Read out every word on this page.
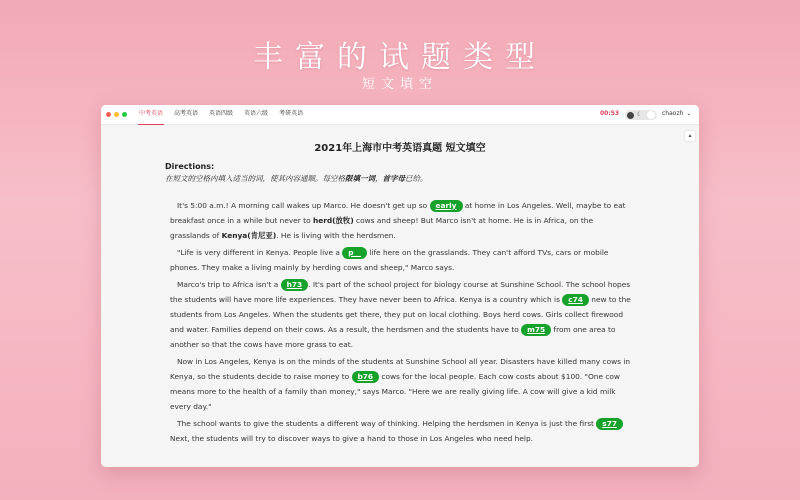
丰富的试题类型
短文填空
中考英语 高考英语 英语四级 英语六级 考研英语	00:53	☾	chaozh ⌄
▴
2021年上海市中考英语真题 短文填空
Directions:
在短文的空格内填入适当的词，使其内容通顺。每空格限填一词，首字母已给。

It's 5:00 a.m.! A morning call wakes up Marco. He doesn't get up so early at home in Los Angeles. Well, maybe to eat breakfast once in a while but never to herd(放牧) cows and sheep! But Marco isn't at home. He is in Africa, on the grasslands of Kenya(肯尼亚). He is living with the herdsmen.

"Life is very different in Kenya. People live a p__ life here on the grasslands. They can't afford TVs, cars or mobile phones. They make a living mainly by herding cows and sheep," Marco says.

Marco's trip to Africa isn't a h73 . It's part of the school project for biology course at Sunshine School. The school hopes the students will have more life experiences. They have never been to Africa. Kenya is a country which is c74 new to the students from Los Angeles. When the students get there, they put on local clothing. Boys herd cows. Girls collect firewood and water. Families depend on their cows. As a result, the herdsmen and the students have to m75 from one area to another so that the cows have more grass to eat.

Now in Los Angeles, Kenya is on the minds of the students at Sunshine School all year. Disasters have killed many cows in Kenya, so the students decide to raise money to b76 cows for the local people. Each cow costs about $100. "One cow means more to the health of a family than money," says Marco. "Here we are really giving life. A cow will give a kid milk every day."

The school wants to give the students a different way of thinking. Helping the herdsmen in Kenya is just the first s77 Next, the students will try to discover ways to give a hand to those in Los Angeles who need help.
